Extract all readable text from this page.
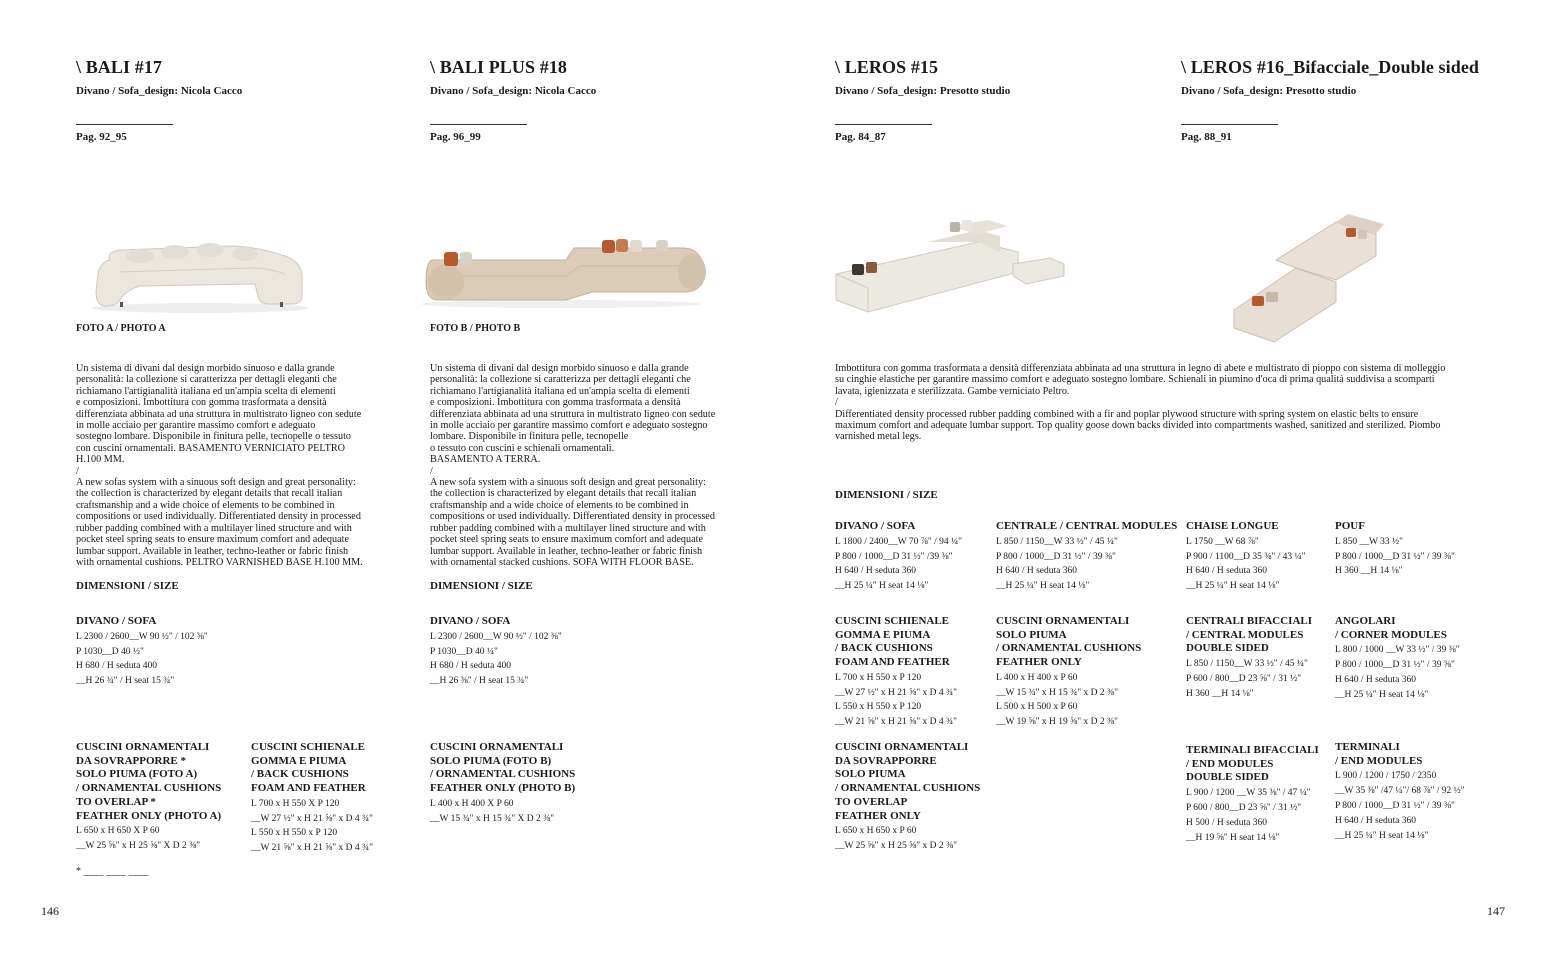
\ BALI #17
Divano / Sofa_design: Nicola Cacco
Pag. 92_95
FOTO A / PHOTO A
Un sistema di divani dal design morbido sinuoso e dalla grande
personalità: la collezione si caratterizza per dettagli eleganti che
richiamano l'artigianalità italiana ed un'ampia scelta di elementi
e composizioni. Imbottitura con gomma trasformata a densità
differenziata abbinata ad una struttura in multistrato ligneo con sedute
in molle acciaio per garantire massimo comfort e adeguato
sostegno lombare. Disponibile in finitura pelle, tecnopelle o tessuto
con cuscini ornamentali. BASAMENTO VERNICIATO PELTRO
H.100 MM.
/
A new sofas system with a sinuous soft design and great personality:
the collection is characterized by elegant details that recall italian
craftsmanship and a wide choice of elements to be combined in
compositions or used individually. Differentiated density in processed
rubber padding combined with a multilayer lined structure and with
pocket steel spring seats to ensure maximum comfort and adequate
lumbar support. Available in leather, techno-leather or fabric finish
with ornamental cushions. PELTRO VARNISHED BASE H.100 MM.
DIMENSIONI / SIZE
DIVANO / SOFA
L 2300 / 2600__W 90 ½" / 102 ⅜"
P 1030__D 40 ½"
H 680 / H seduta 400
__H 26 ¾" / H seat 15 ¾"
CUSCINI ORNAMENTALI
DA SOVRAPPORRE *
SOLO PIUMA (FOTO A)
/ ORNAMENTAL CUSHIONS
TO OVERLAP *
FEATHER ONLY (PHOTO A)
L 650 x H 650 X P 60
__W 25 ⅝" x H 25 ⅝" X D 2 ⅜"
CUSCINI SCHIENALE
GOMMA E PIUMA
/ BACK CUSHIONS
FOAM AND FEATHER
L 700 x H 550 X P 120
__W 27 ½" x H 21 ⅝" x D 4 ¾"
L 550 x H 550 x P 120
__W 21 ⅝" x H 21 ⅝" x D 4 ¾"
* ____ ____ ____
\ BALI PLUS #18
Divano / Sofa_design: Nicola Cacco
Pag. 96_99
FOTO B / PHOTO B
Un sistema di divani dal design morbido sinuoso e dalla grande
personalità: la collezione si caratterizza per dettagli eleganti che
richiamano l'artigianalità italiana ed un'ampia scelta di elementi
e composizioni. Imbottitura con gomma trasformata a densità
differenziata abbinata ad una struttura in multistrato ligneo con sedute
in molle acciaio per garantire massimo comfort e adeguato sostegno
lombare. Disponibile in finitura pelle, tecnopelle
o tessuto con cuscini e schienali ornamentali.
BASAMENTO A TERRA.
/
A new sofa system with a sinuous soft design and great personality:
the collection is characterized by elegant details that recall italian
craftsmanship and a wide choice of elements to be combined in
compositions or used individually. Differentiated density in processed
rubber padding combined with a multilayer lined structure and with
pocket steel spring seats to ensure maximum comfort and adequate
lumbar support. Available in leather, techno-leather or fabric finish
with ornamental stacked cushions. SOFA WITH FLOOR BASE.
DIMENSIONI / SIZE
DIVANO / SOFA
L 2300 / 2600__W 90 ½" / 102 ⅜"
P 1030__D 40 ¼"
H 680 / H seduta 400
__H 26 ⅜" / H seat 15 ¾"
CUSCINI ORNAMENTALI
SOLO PIUMA (FOTO B)
/ ORNAMENTAL CUSHIONS
FEATHER ONLY (PHOTO B)
L 400 x H 400 X P 60
__W 15 ¾" x H 15 ¾" X D 2 ⅜"
\ LEROS #15
Divano / Sofa_design: Presotto studio
Pag. 84_87
\ LEROS #16_Bifacciale_Double sided
Divano / Sofa_design: Presotto studio
Pag. 88_91
Imbottitura con gomma trasformata a densità differenziata abbinata ad una struttura in legno di abete e multistrato di pioppo con sistema di molleggio
su cinghie elastiche per garantire massimo comfort e adeguato sostegno lombare. Schienali in piumino d'oca di prima qualità suddivisa a scomparti
lavata, igienizzata e sterilizzata. Gambe verniciato Peltro.
/
Differentiated density processed rubber padding combined with a fir and poplar plywood structure with spring system on elastic belts to ensure
maximum comfort and adequate lumbar support. Top quality goose down backs divided into compartments washed, sanitized and sterilized. Piombo
varnished metal legs.
DIMENSIONI / SIZE
DIVANO / SOFA
L 1800 / 2400__W 70 ⅞" / 94 ¼"
P 800 / 1000__D 31 ½" /39 ⅜"
H 640 / H seduta 360
__H 25 ¼" H seat 14 ⅛"
CENTRALE / CENTRAL MODULES
L 850 / 1150__W 33 ½" / 45 ¼"
P 800 / 1000__D 31 ½" / 39 ⅜"
H 640 / H seduta 360
__H 25 ¼" H seat 14 ⅛"
CHAISE LONGUE
L 1750 __W 68 ⅞"
P 900 / 1100__D 35 ⅜" / 43 ¼"
H 640 / H seduta 360
__H 25 ¼" H seat 14 ⅛"
POUF
L 850 __W 33 ½"
P 800 / 1000__D 31 ½" / 39 ⅜"
H 360 __H 14 ⅛"
CUSCINI SCHIENALE
GOMMA E PIUMA
/ BACK CUSHIONS
FOAM AND FEATHER
L 700 x H 550 x P 120
__W 27 ½" x H 21 ⅝" x D 4 ¾"
L 550 x H 550 x P 120
__W 21 ⅝" x H 21 ⅝" x D 4 ¾"
CUSCINI ORNAMENTALI
SOLO PIUMA
/ ORNAMENTAL CUSHIONS
FEATHER ONLY
L 400 x H 400 x P 60
__W 15 ¾" x H 15 ¾" x D 2 ⅜"
L 500 x H 500 x P 60
__W 19 ⅝" x H 19 ⅝" x D 2 ⅜"
CENTRALI BIFACCIALI
/ CENTRAL MODULES
DOUBLE SIDED
L 850 / 1150__W 33 ½" / 45 ¼"
P 600 / 800__D 23 ⅝" / 31 ½"
H 360 __H 14 ⅛"
ANGOLARI
/ CORNER MODULES
L 800 / 1000 __W 33 ½" / 39 ⅜"
P 800 / 1000__D 31 ½" / 39 ⅜"
H 640 / H seduta 360
__H 25 ¼" H seat 14 ⅛"
CUSCINI ORNAMENTALI
DA SOVRAPPORRE
SOLO PIUMA
/ ORNAMENTAL CUSHIONS
TO OVERLAP
FEATHER ONLY
L 650 x H 650 x P 60
__W 25 ⅝" x H 25 ⅝" x D 2 ⅜"
TERMINALI BIFACCIALI
/ END MODULES
DOUBLE SIDED
L 900 / 1200 __W 35 ⅜" / 47 ¼"
P 600 / 800__D 23 ⅝" / 31 ½"
H 500 / H seduta 360
__H 19 ⅝" H seat 14 ⅛"
TERMINALI
/ END MODULES
L 900 / 1200 / 1750 / 2350
__W 35 ⅜" /47 ¼"/ 68 ⅞" / 92 ½"
P 800 / 1000__D 31 ½" / 39 ⅜"
H 640 / H seduta 360
__H 25 ¼" H seat 14 ⅛"
146	147
